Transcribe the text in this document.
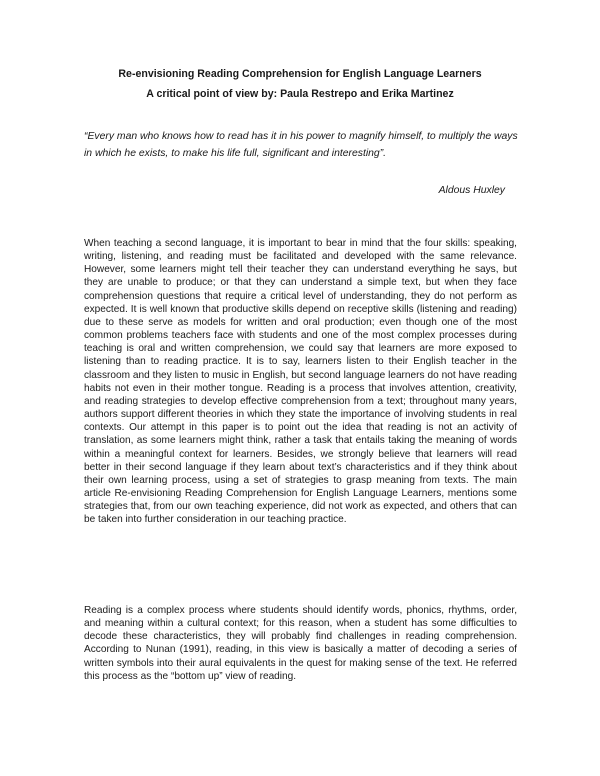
Re-envisioning Reading Comprehension for English Language Learners

A critical point of view by: Paula Restrepo and Erika Martinez

“Every man who knows how to read has it in his power to magnify himself, to multiply the ways in which he exists, to make his life full, significant and interesting”.

Aldous Huxley

When teaching a second language, it is important to bear in mind that the four skills: speaking, writing, listening, and reading must be facilitated and developed with the same relevance. However, some learners might tell their teacher they can understand everything he says, but they are unable to produce; or that they can understand a simple text, but when they face comprehension questions that require a critical level of understanding, they do not perform as expected. It is well known that productive skills depend on receptive skills (listening and reading) due to these serve as models for written and oral production; even though one of the most common problems teachers face with students and one of the most complex processes during teaching is oral and written comprehension, we could say that learners are more exposed to listening than to reading practice. It is to say, learners listen to their English teacher in the classroom and they listen to music in English, but second language learners do not have reading habits not even in their mother tongue. Reading is a process that involves attention, creativity, and reading strategies to develop effective comprehension from a text; throughout many years, authors support different theories in which they state the importance of involving students in real contexts. Our attempt in this paper is to point out the idea that reading is not an activity of translation, as some learners might think, rather a task that entails taking the meaning of words within a meaningful context for learners. Besides, we strongly believe that learners will read better in their second language if they learn about text’s characteristics and if they think about their own learning process, using a set of strategies to grasp meaning from texts. The main article Re-envisioning Reading Comprehension for English Language Learners, mentions some strategies that, from our own teaching experience, did not work as expected, and others that can be taken into further consideration in our teaching practice.

Reading is a complex process where students should identify words, phonics, rhythms, order, and meaning within a cultural context; for this reason, when a student has some difficulties to decode these characteristics, they will probably find challenges in reading comprehension. According to Nunan (1991), reading, in this view is basically a matter of decoding a series of written symbols into their aural equivalents in the quest for making sense of the text. He referred this process as the “bottom up” view of reading.
